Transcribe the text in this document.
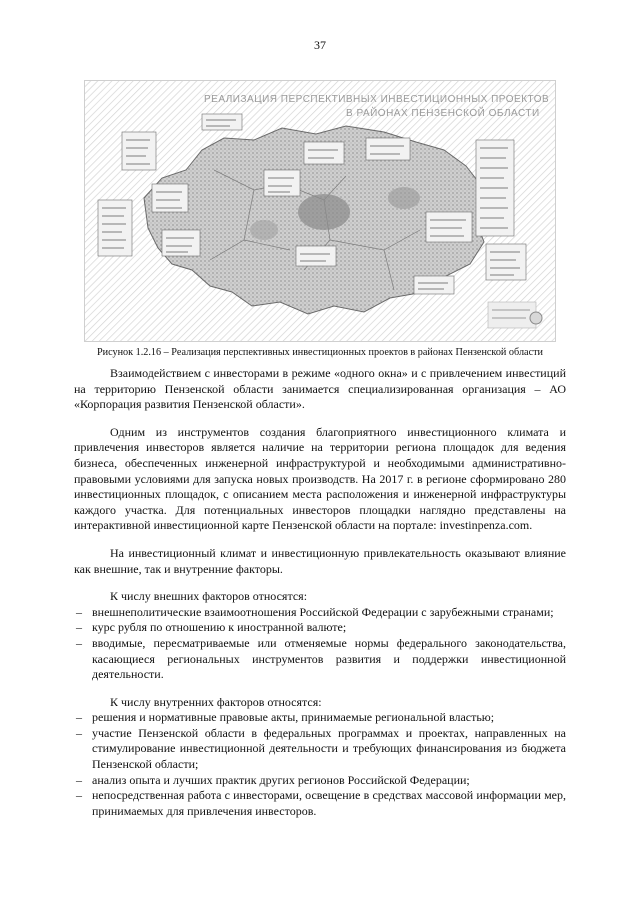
37
РЕАЛИЗАЦИЯ ПЕРСПЕКТИВНЫХ ИНВЕСТИЦИОННЫХ ПРОЕКТОВ
В РАЙОНАХ ПЕНЗЕНСКОЙ ОБЛАСТИ
Рисунок 1.2.16 – Реализация перспективных инвестиционных проектов в районах Пензенской области

Взаимодействием с инвесторами в режиме «одного окна» и с привлечением инвестиций на территорию Пензенской области занимается специализированная организация – АО «Корпорация развития Пензенской области».

Одним из инструментов создания благоприятного инвестиционного климата и привлечения инвесторов является наличие на территории региона площадок для ведения бизнеса, обеспеченных инженерной инфраструктурой и необходимыми административно-правовыми условиями для запуска новых производств. На 2017 г. в регионе сформировано 280 инвестиционных площадок, с описанием места расположения и инженерной инфраструктуры каждого участка. Для потенциальных инвесторов площадки наглядно представлены на интерактивной инвестиционной карте Пензенской области на портале: investinpenza.com.

На инвестиционный климат и инвестиционную привлекательность оказывают влияние как внешние, так и внутренние факторы.

К числу внешних факторов относятся:

– внешнеполитические взаимоотношения Российской Федерации с зарубежными странами;
– курс рубля по отношению к иностранной валюте;
– вводимые, пересматриваемые или отменяемые нормы федерального законодательства, касающиеся региональных инструментов развития и поддержки инвестиционной деятельности.

К числу внутренних факторов относятся:

– решения и нормативные правовые акты, принимаемые региональной властью;
– участие Пензенской области в федеральных программах и проектах, направленных на стимулирование инвестиционной деятельности и требующих финансирования из бюджета Пензенской области;
– анализ опыта и лучших практик других регионов Российской Федерации;
– непосредственная работа с инвесторами, освещение в средствах массовой информации мер, принимаемых для привлечения инвесторов.
